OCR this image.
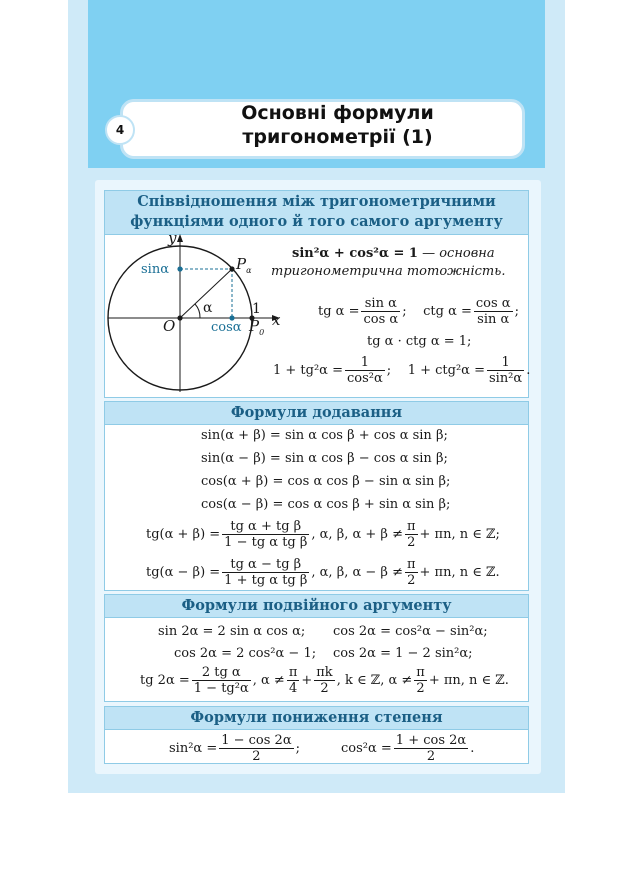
Основні формули
тригонометрії (1)
4
Співвідношення між тригонометричними
функціями одного й того самого аргументу
y
x
O
1
$P_\alpha$
$P_0$
sinα
cosα
α
sin²α + cos²α = 1 — основна
тригонометрична тотожність.
tg $\alpha = \frac{\text{sin α}}{\text{cos α}}$ ;    ctg $\alpha = \frac{\text{cos α}}{\text{sin α}}$ ;
tg α · ctg α = 1;
$1 + tg^2\alpha = \frac{1}{\text{cos²α}}$ ;    $1 + ctg^2\alpha = \frac{1}{\text{sin²α}}$ .
Формули додавання
sin(α + β) = sin α cos β + cos α sin β;
sin(α − β) = sin α cos β − cos α sin β;
cos(α + β) = cos α cos β − sin α sin β;
cos(α − β) = cos α cos β + sin α sin β;
$tg(\alpha + \beta) = \frac{\text{tg α + tg β}}{\text{1 − tg α tg β}}$ , α, β, $\alpha + \beta \ne \frac{\pi}{2} + \pi n$, n ∈ ℤ;
$tg(\alpha - \beta) = \frac{\text{tg α − tg β}}{\text{1 + tg α tg β}}$ , α, β, $\alpha - \beta \ne \frac{\pi}{2} + \pi n$, n ∈ ℤ.
Формули подвійного аргументу
sin 2α = 2 sin α cos α; cos 2α = cos²α − sin²α;
cos 2α = 2 cos²α − 1; cos 2α = 1 − 2 sin²α;
tg $2\alpha = \frac{\text{2 tg α}}{\text{1 − tg²α}}$ , $\alpha \ne \frac{\pi}{4} + \frac{\pi k}{2}$ , k ∈ ℤ, $\alpha \ne \frac{\pi}{2} + \pi n$, n ∈ ℤ.
Формули пониження степеня
$\sin^2\alpha = \frac{1 - \cos 2\alpha}{2}$ ;	$\cos^2\alpha = \frac{1 + \cos 2\alpha}{2}$ .
